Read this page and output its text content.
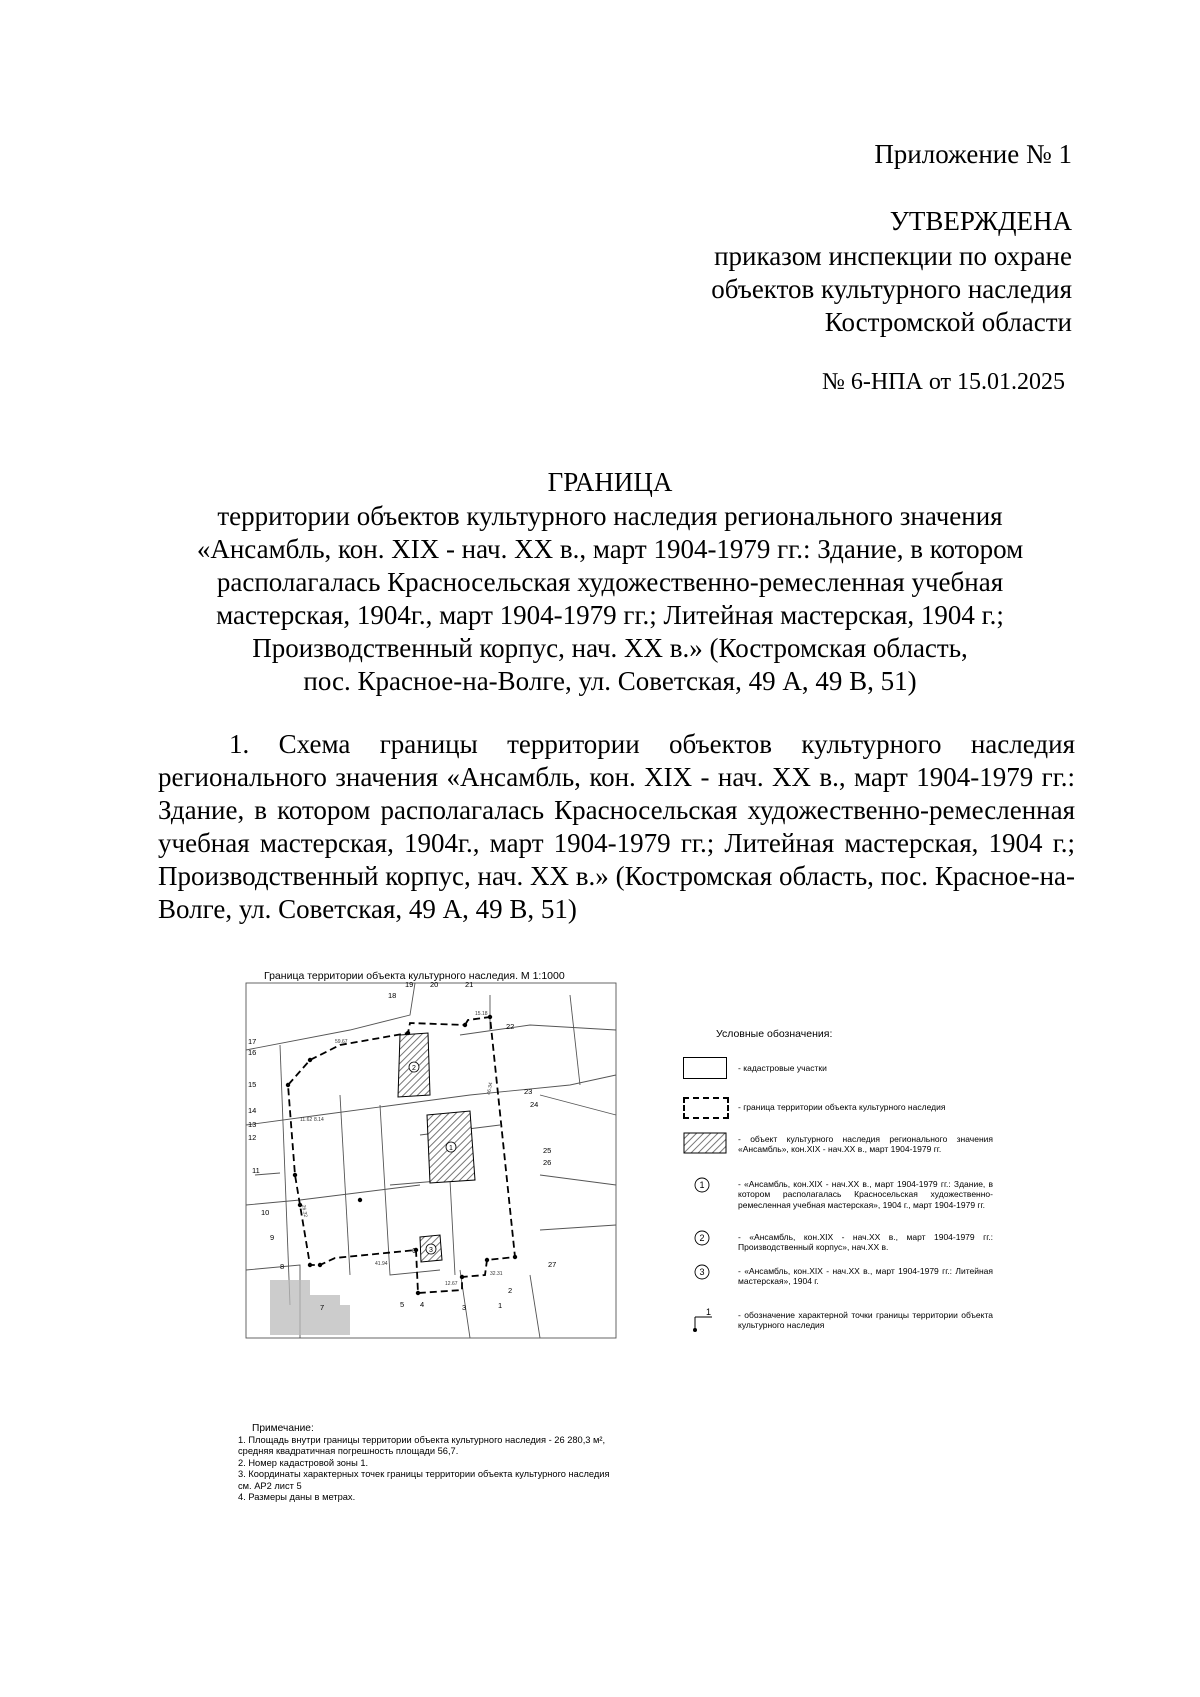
Приложение № 1
УТВЕРЖДЕНА
приказом инспекции по охране
объектов культурного наследия
Костромской области
№ 6-НПА от 15.01.2025
ГРАНИЦА
территории объектов культурного наследия регионального значения
«Ансамбль, кон. XIX - нач. XX в., март 1904-1979 гг.: Здание, в котором
располагалась Красносельская художественно-ремесленная учебная
мастерская, 1904г., март 1904-1979 гг.; Литейная мастерская, 1904 г.;
Производственный корпус, нач. XX в.» (Костромская область,
пос. Красное-на-Волге, ул. Советская, 49 А, 49 В, 51)
1. Схема границы территории объектов культурного наследия регионального значения «Ансамбль, кон. XIX - нач. XX в., март 1904-1979 гг.: Здание, в котором располагалась Красносельская художественно-ремесленная учебная мастерская, 1904г., март 1904-1979 гг.; Литейная мастерская, 1904 г.; Производственный корпус, нач. XX в.» (Костромская область, пос. Красное-на-Волге, ул. Советская, 49 А, 49 В, 51)
Граница территории объекта культурного наследия. М 1:1000
1
2
3
4
5
6
7
8
9
10
11
12
13
14
15
16
17
18
19 20	21
22
23
24
25
26
27
2
1
3
59.67
15.18
46.34
11.62 8.14
26.32
41.94
12.67
32.31
Условные обозначения:
- кадастровые участки
- граница территории объекта культурного наследия
- объект культурного наследия регионального значения «Ансамбль», кон.XIX - нач.XX в., март 1904-1979 гг.
1	- «Ансамбль, кон.XIX - нач.XX в., март 1904-1979 гг.: Здание, в котором располагалась Красносельская художественно-ремесленная учебная мастерская», 1904 г., март 1904-1979 гг.
2	- «Ансамбль, кон.XIX - нач.XX в., март 1904-1979 гг.: Производственный корпус», нач.XX в.
3	- «Ансамбль, кон.XIX - нач.XX в., март 1904-1979 гг.: Литейная мастерская», 1904 г.
1	- обозначение характерной точки границы территории объекта культурного наследия
Примечание:
1. Площадь внутри границы территории объекта культурного наследия - 26 280,3 м²,
средняя квадратичная погрешность площади 56,7.
2. Номер кадастровой зоны 1.
3. Координаты характерных точек границы территории объекта культурного наследия
см. АР2 лист 5
4. Размеры даны в метрах.
